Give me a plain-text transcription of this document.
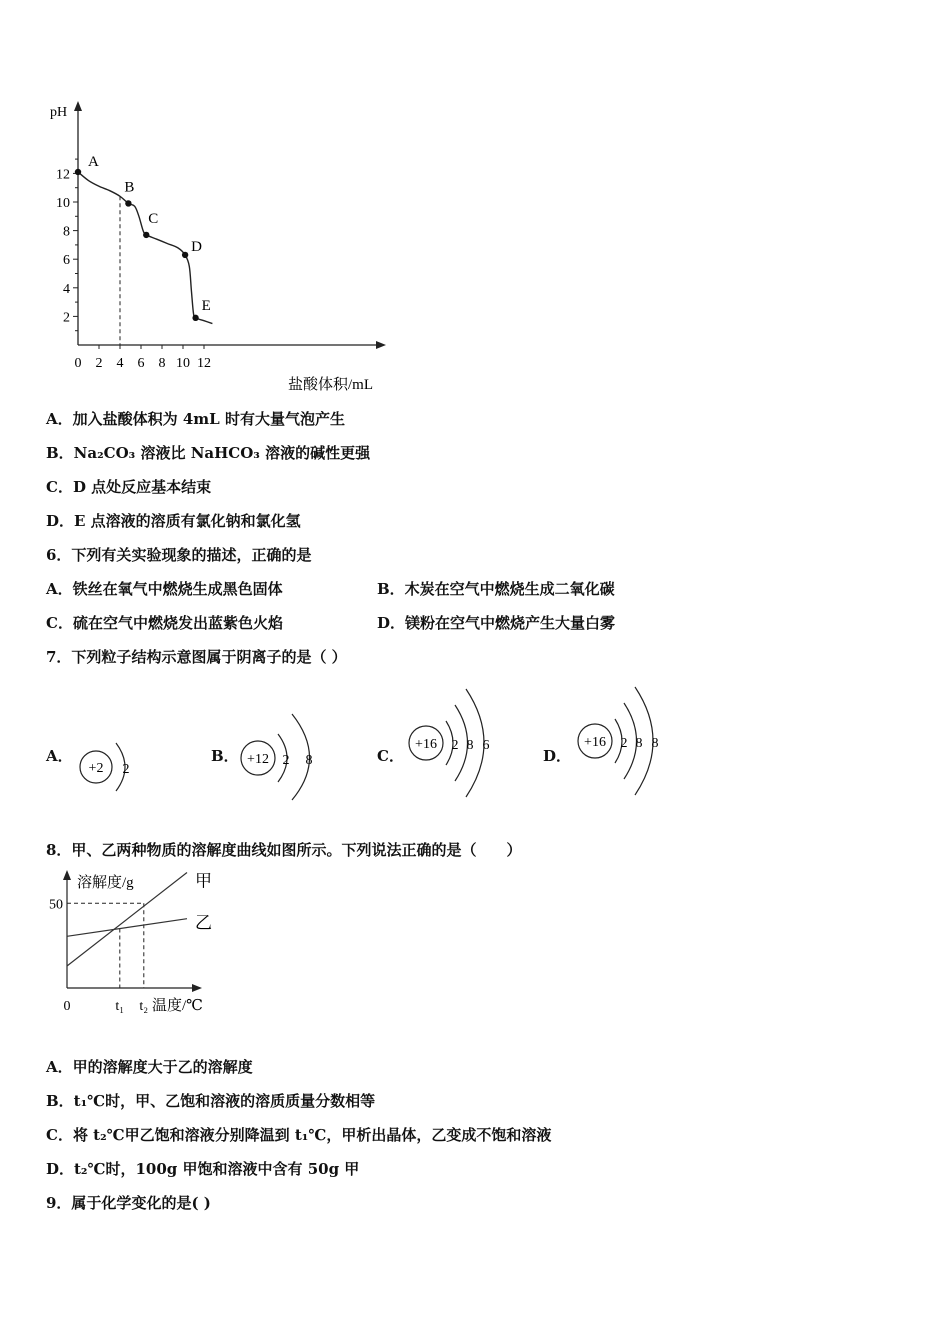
pH
盐酸体积/mL
2
4
6
8
10
12
0 2 4 6 8 10 12
A
B
C
D
E
A．加入盐酸体积为 4mL 时有大量气泡产生
B．Na₂CO₃ 溶液比 NaHCO₃ 溶液的碱性更强
C．D 点处反应基本结束
D．E 点溶液的溶质有氯化钠和氯化氢
6．下列有关实验现象的描述，正确的是
A．铁丝在氧气中燃烧生成黑色固体	B．木炭在空气中燃烧生成二氧化碳
C．硫在空气中燃烧发出蓝紫色火焰	D．镁粉在空气中燃烧产生大量白雾
7．下列粒子结构示意图属于阴离子的是（ ）
A．
+2 2
B． +12 2 8	C．
+16 2 8 6
D．
+16 2 8 8
8．甲、乙两种物质的溶解度曲线如图所示。下列说法正确的是（　　）
溶解度/g
温度/℃
0
50
t₁ t₂
甲
乙
A．甲的溶解度大于乙的溶解度
B．t₁℃时，甲、乙饱和溶液的溶质质量分数相等
C．将 t₂℃甲乙饱和溶液分别降温到 t₁℃，甲析出晶体，乙变成不饱和溶液
D．t₂℃时，100g 甲饱和溶液中含有 50g 甲
9．属于化学变化的是( )
